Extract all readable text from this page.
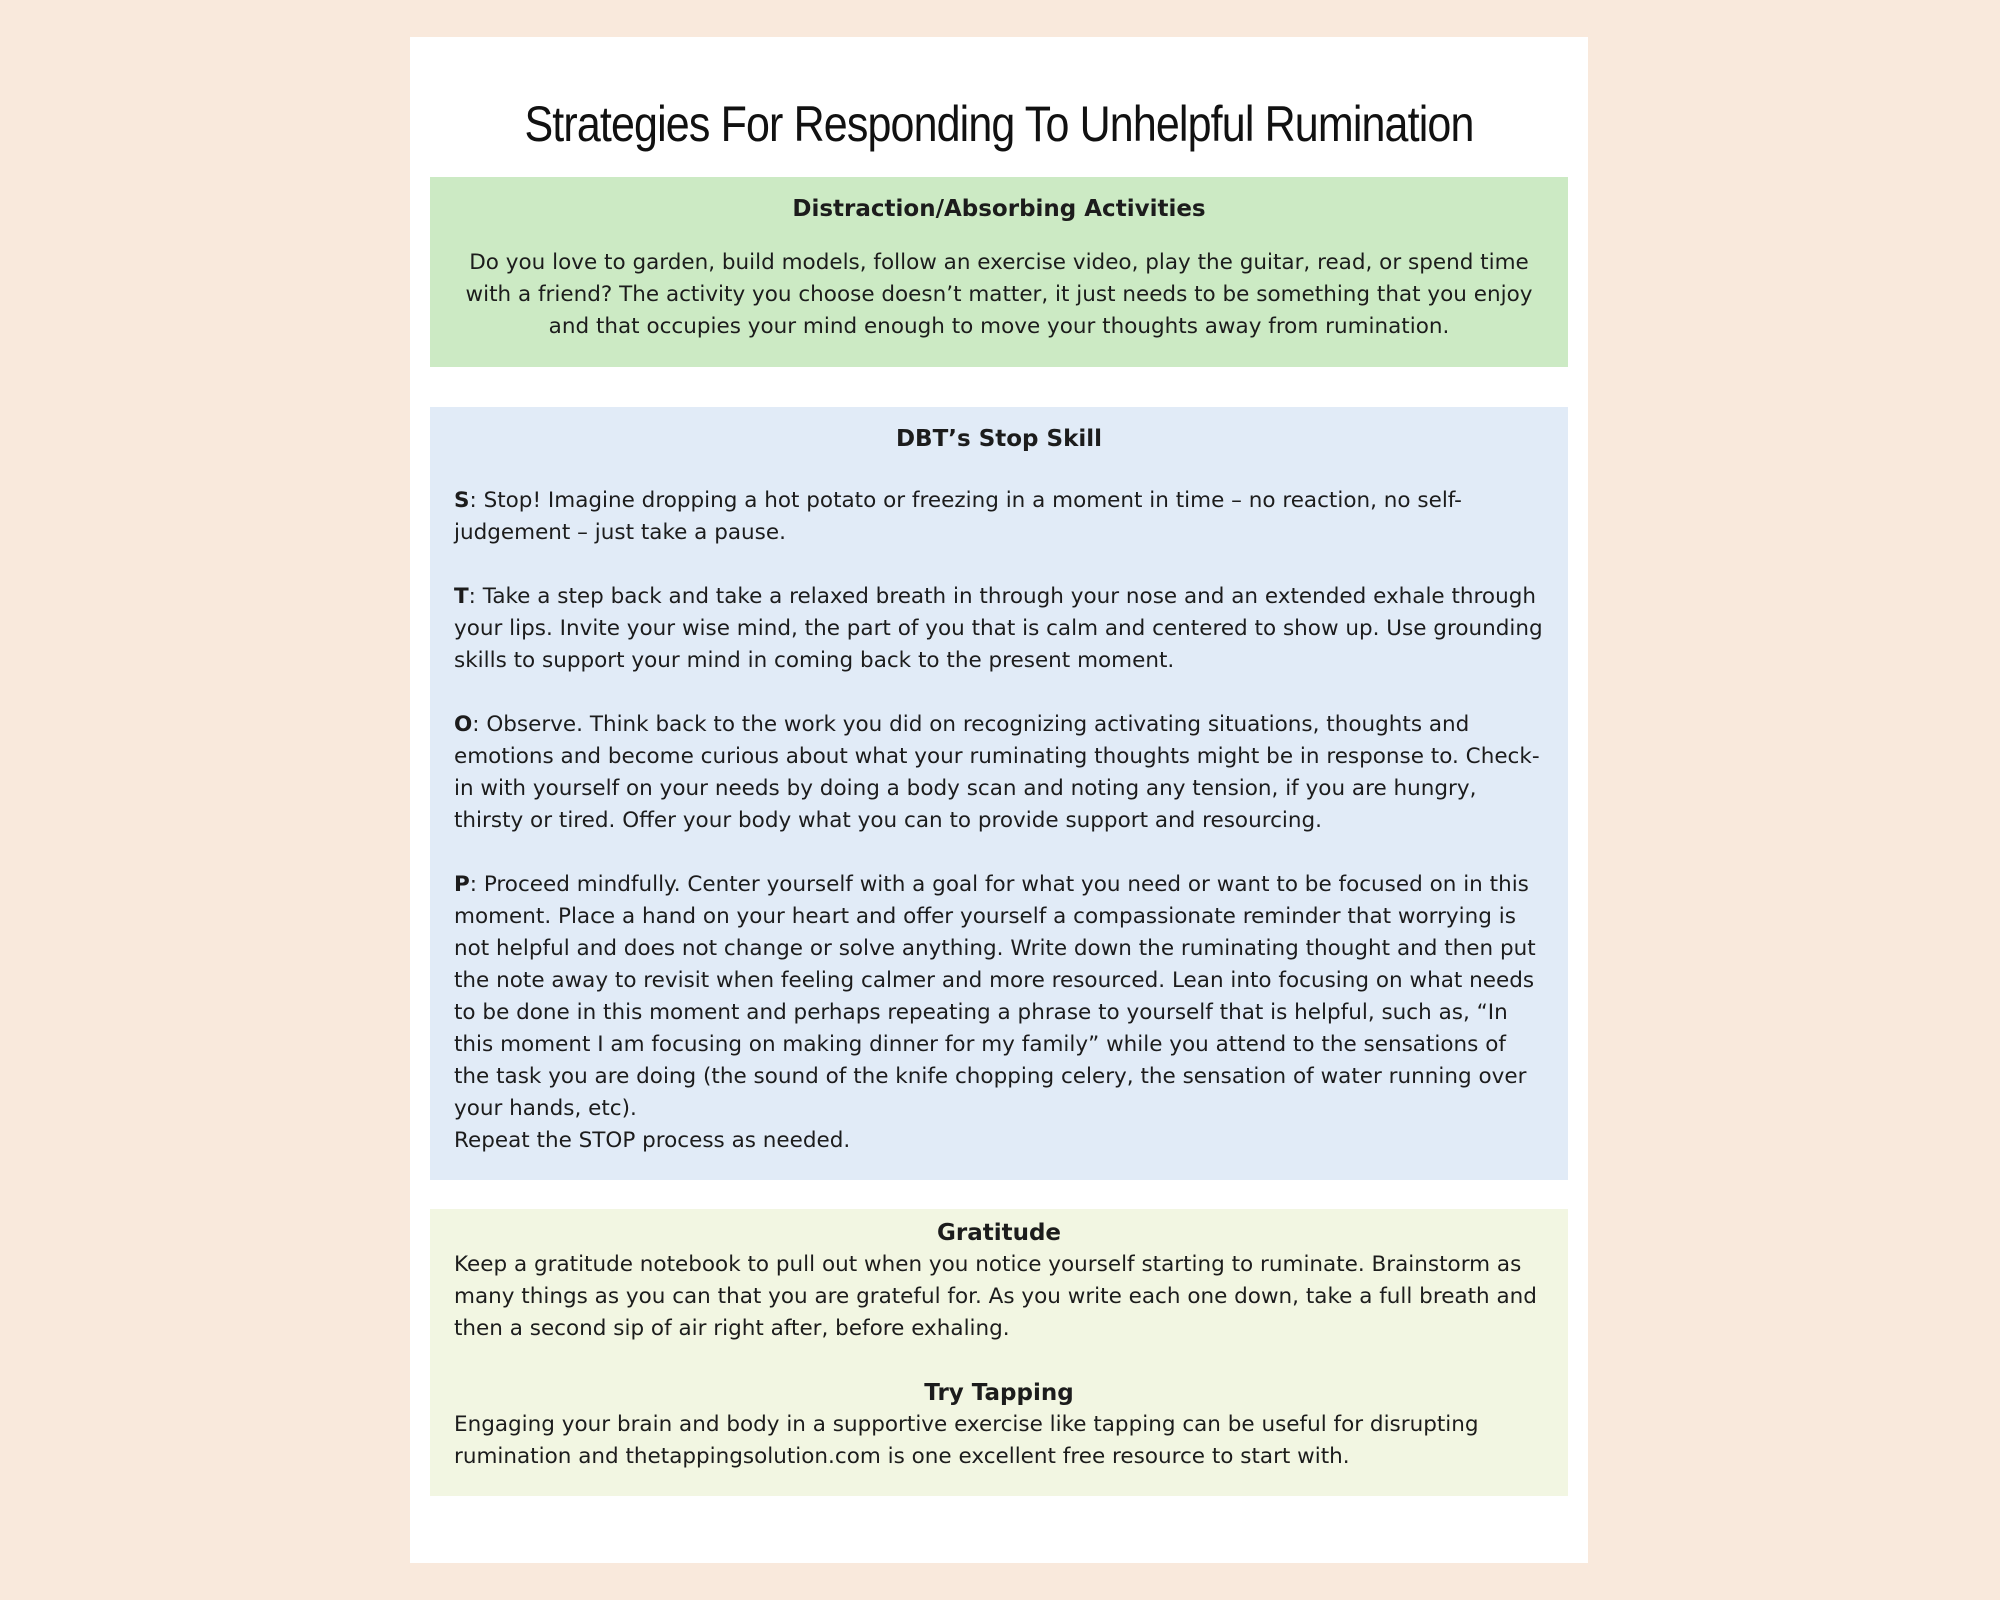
Strategies For Responding To Unhelpful Rumination
Distraction/Absorbing Activities

Do you love to garden, build models, follow an exercise video, play the guitar, read, or spend time with a friend? The activity you choose doesn’t matter, it just needs to be something that you enjoy and that occupies your mind enough to move your thoughts away from rumination.

DBT’s Stop Skill

S: Stop! Imagine dropping a hot potato or freezing in a moment in time – no reaction, no self-judgement – just take a pause.

T: Take a step back and take a relaxed breath in through your nose and an extended exhale through your lips. Invite your wise mind, the part of you that is calm and centered to show up. Use grounding skills to support your mind in coming back to the present moment.

O: Observe. Think back to the work you did on recognizing activating situations, thoughts and emotions and become curious about what your ruminating thoughts might be in response to. Check-in with yourself on your needs by doing a body scan and noting any tension, if you are hungry, thirsty or tired. Offer your body what you can to provide support and resourcing.

P: Proceed mindfully. Center yourself with a goal for what you need or want to be focused on in this moment. Place a hand on your heart and offer yourself a compassionate reminder that worrying is not helpful and does not change or solve anything. Write down the ruminating thought and then put the note away to revisit when feeling calmer and more resourced. Lean into focusing on what needs to be done in this moment and perhaps repeating a phrase to yourself that is helpful, such as, “In this moment I am focusing on making dinner for my family” while you attend to the sensations of the task you are doing (the sound of the knife chopping celery, the sensation of water running over your hands, etc).

Repeat the STOP process as needed.

Gratitude

Keep a gratitude notebook to pull out when you notice yourself starting to ruminate. Brainstorm as many things as you can that you are grateful for. As you write each one down, take a full breath and then a second sip of air right after, before exhaling.

Try Tapping

Engaging your brain and body in a supportive exercise like tapping can be useful for disrupting rumination and thetappingsolution.com is one excellent free resource to start with.
